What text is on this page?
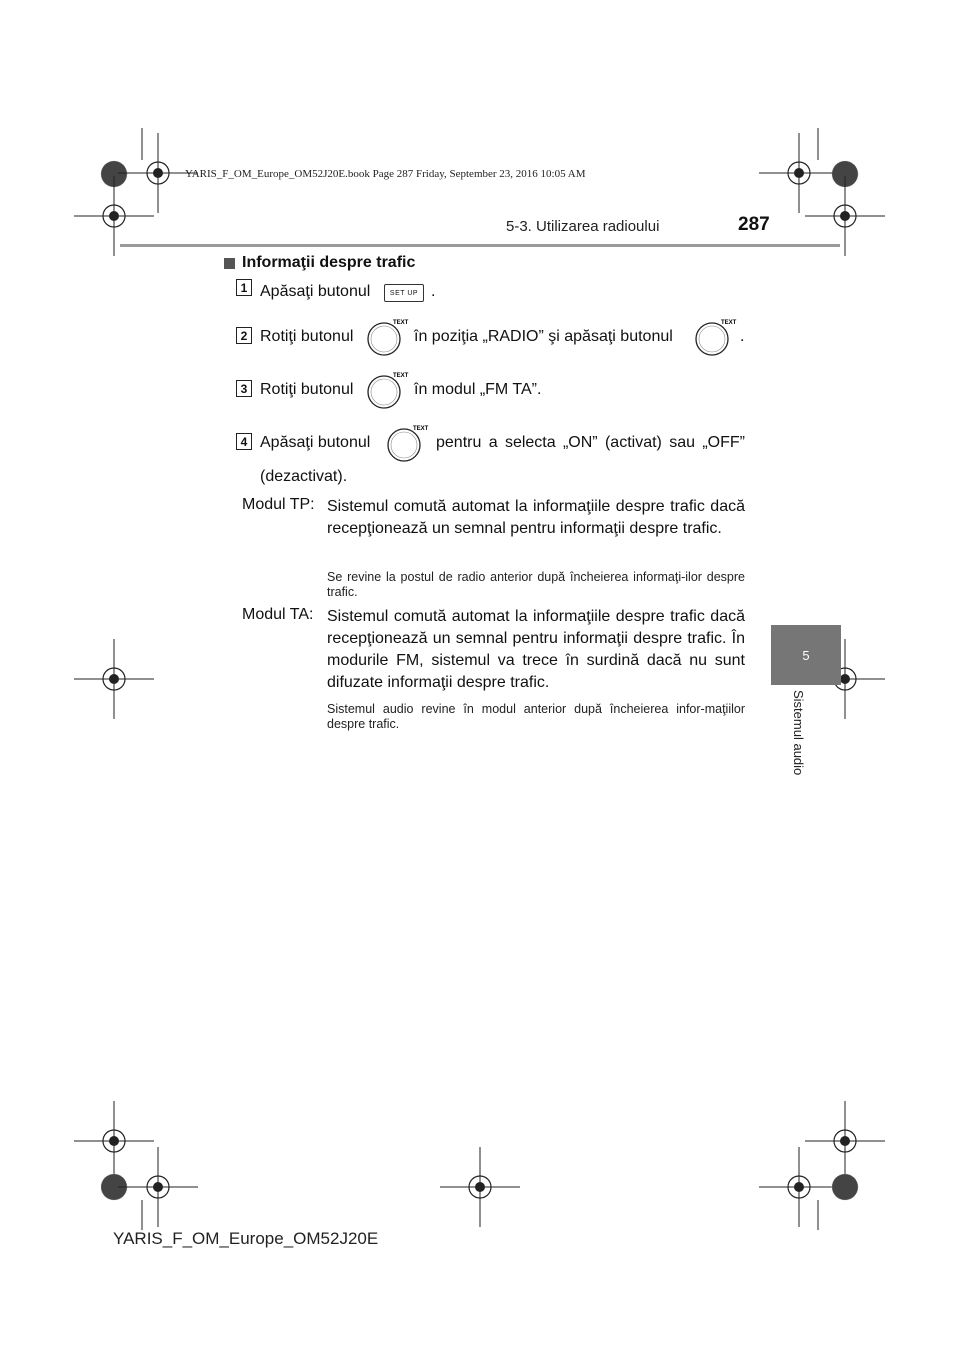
YARIS_F_OM_Europe_OM52J20E.book Page 287 Friday, September 23, 2016 10:05 AM
5-3. Utilizarea radioului	287
5
Sistemul audio
Informaţii despre trafic
1 Apăsaţi butonul	SET UP .
2 Rotiţi butonul
TEXT
în poziţia „RADIO” şi apăsaţi butonul
TEXT
.
3 Rotiţi butonul
TEXT
în modul „FM TA”.
4 Apăsaţi butonul
TEXT
pentru a selecta „ON” (activat) sau „OFF”
(dezactivat).
Modul TP: Sistemul comută automat la informaţiile despre trafic dacă recepţionează un semnal pentru informaţii despre trafic.
Se revine la postul de radio anterior după încheierea informaţi-ilor despre trafic.
Modul TA: Sistemul comută automat la informaţiile despre trafic dacă recepţionează un semnal pentru informaţii despre trafic. În modurile FM, sistemul va trece în surdină dacă nu sunt difuzate informaţii despre trafic.
Sistemul audio revine în modul anterior după încheierea infor-maţiilor despre trafic.
YARIS_F_OM_Europe_OM52J20E
